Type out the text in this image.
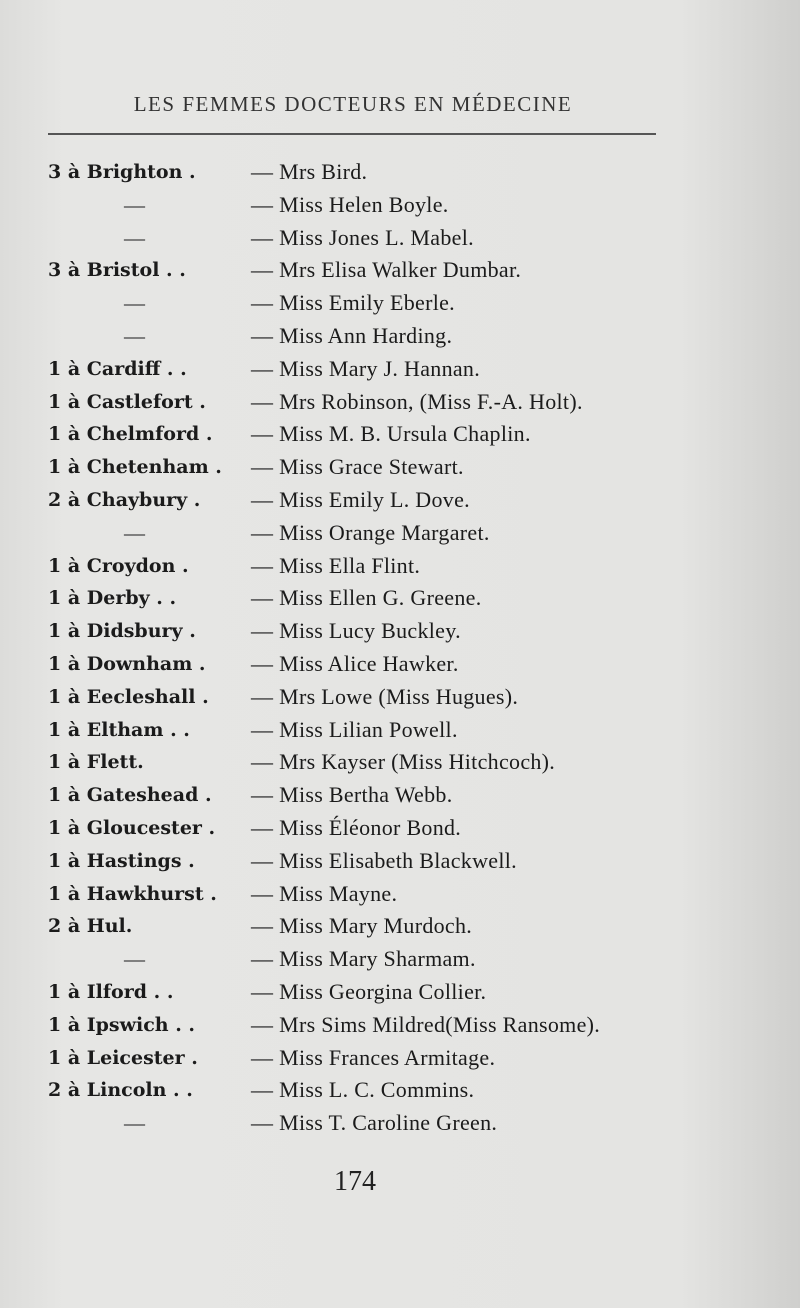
LES FEMMES DOCTEURS EN MÉDECINE
3 à Brighton .	— Mrs Bird.
—	— Miss Helen Boyle.
—	— Miss Jones L. Mabel.
3 à Bristol . .	— Mrs Elisa Walker Dumbar.
—	— Miss Emily Eberle.
—	— Miss Ann Harding.
1 à Cardiff . .	— Miss Mary J. Hannan.
1 à Castlefort . — Mrs Robinson, (Miss F.-A. Holt).
1 à Chelmford . — Miss M. B. Ursula Chaplin.
1 à Chetenham . — Miss Grace Stewart.
2 à Chaybury . — Miss Emily L. Dove.
—	— Miss Orange Margaret.
1 à Croydon .	— Miss Ella Flint.
1 à Derby . .	— Miss Ellen G. Greene.
1 à Didsbury .	— Miss Lucy Buckley.
1 à Downham . — Miss Alice Hawker.
1 à Eecleshall . — Mrs Lowe (Miss Hugues).
1 à Eltham . .	— Miss Lilian Powell.
1 à Flett.	— Mrs Kayser (Miss Hitchcoch).
1 à Gateshead . — Miss Bertha Webb.
1 à Gloucester . — Miss Éléonor Bond.
1 à Hastings .	— Miss Elisabeth Blackwell.
1 à Hawkhurst . — Miss Mayne.
2 à Hul.	— Miss Mary Murdoch.
—	— Miss Mary Sharmam.
1 à Ilford . .	— Miss Georgina Collier.
1 à Ipswich . .	— Mrs Sims Mildred(Miss Ransome).
1 à Leicester . — Miss Frances Armitage.
2 à Lincoln . .	— Miss L. C. Commins.
—	— Miss T. Caroline Green.
174
